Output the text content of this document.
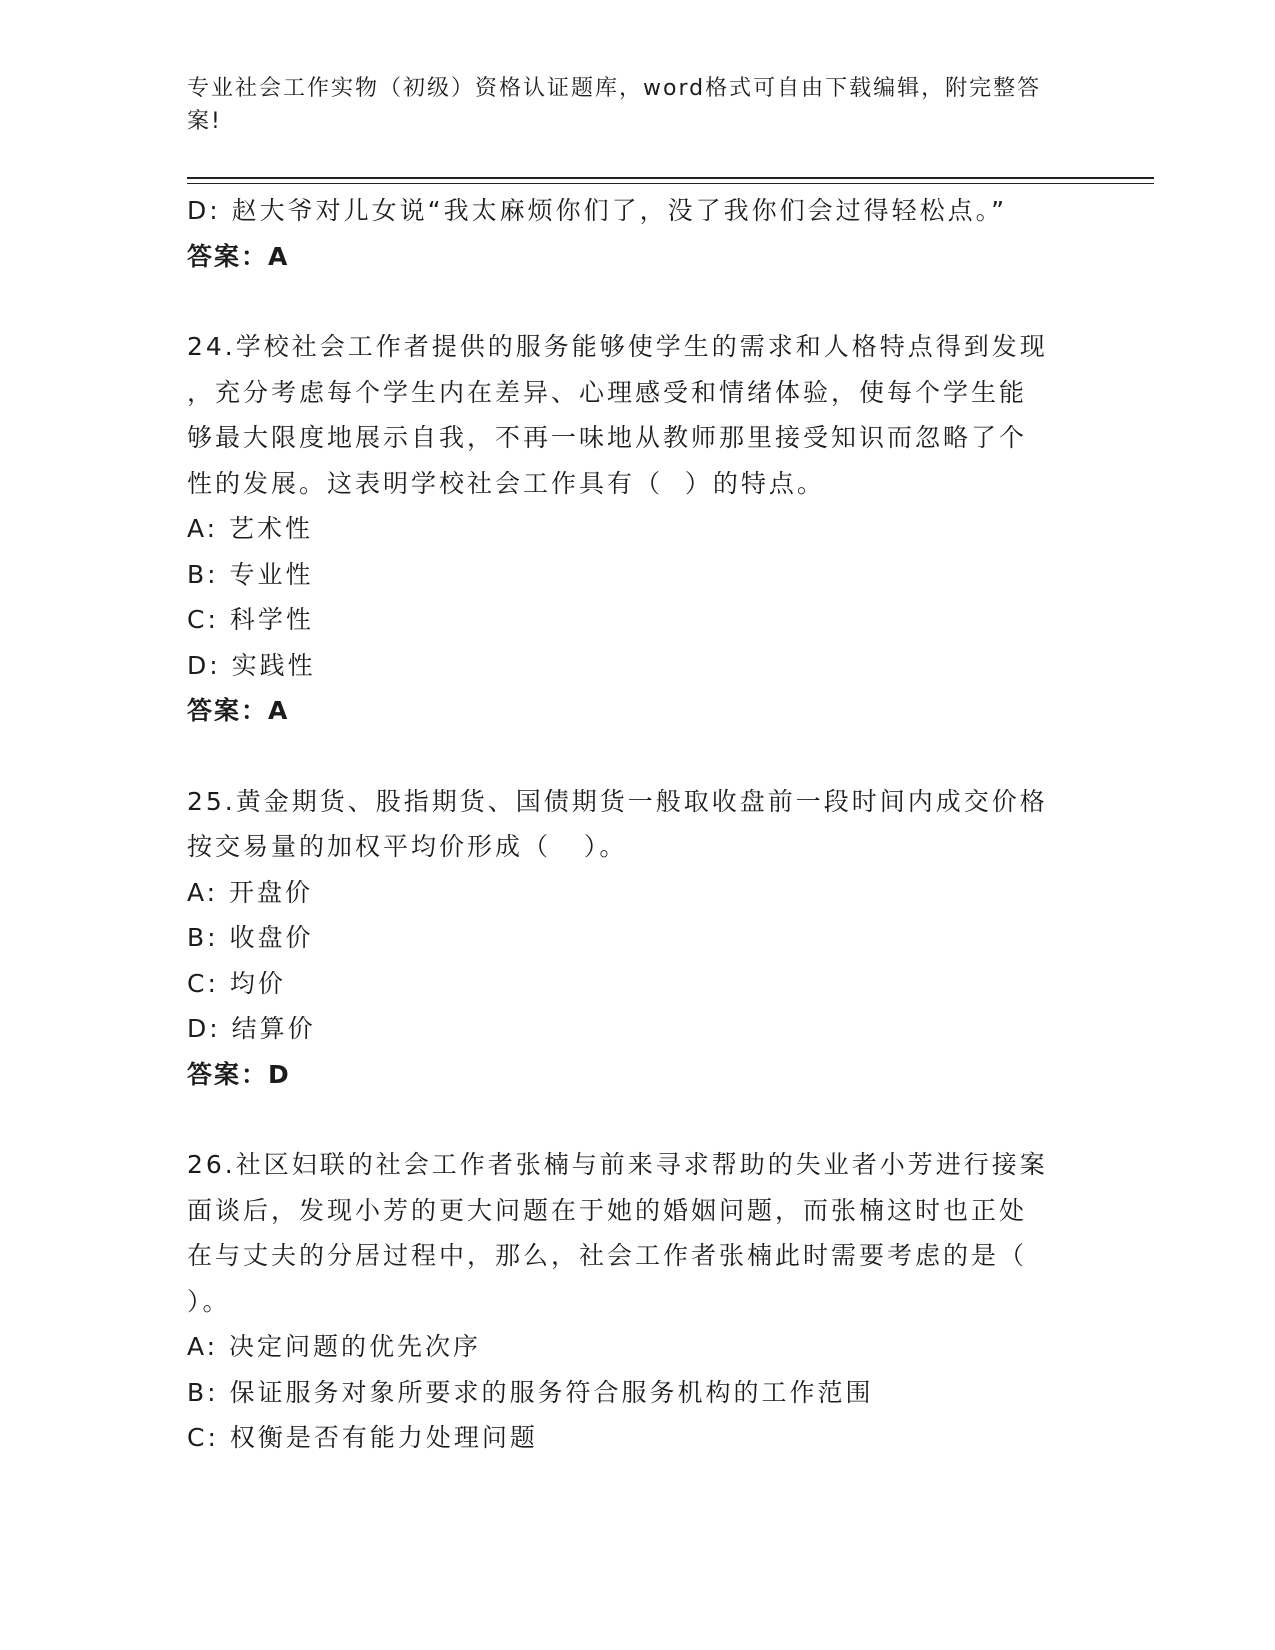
专业社会工作实物（初级）资格认证题库，word格式可自由下载编辑，附完整答
案!
D: 赵大爷对儿女说“我太麻烦你们了，没了我你们会过得轻松点。”
答案：A
24.学校社会工作者提供的服务能够使学生的需求和人格特点得到发现
，充分考虑每个学生内在差异、心理感受和情绪体验，使每个学生能
够最大限度地展示自我，不再一味地从教师那里接受知识而忽略了个
性的发展。这表明学校社会工作具有（  ）的特点。
A: 艺术性
B: 专业性
C: 科学性
D: 实践性
答案：A
25.黄金期货、股指期货、国债期货一般取收盘前一段时间内成交价格
按交易量的加权平均价形成（   ）。
A: 开盘价
B: 收盘价
C: 均价
D: 结算价
答案：D
26.社区妇联的社会工作者张楠与前来寻求帮助的失业者小芳进行接案
面谈后，发现小芳的更大问题在于她的婚姻问题，而张楠这时也正处
在与丈夫的分居过程中，那么，社会工作者张楠此时需要考虑的是（
）。
A: 决定问题的优先次序
B: 保证服务对象所要求的服务符合服务机构的工作范围
C: 权衡是否有能力处理问题
